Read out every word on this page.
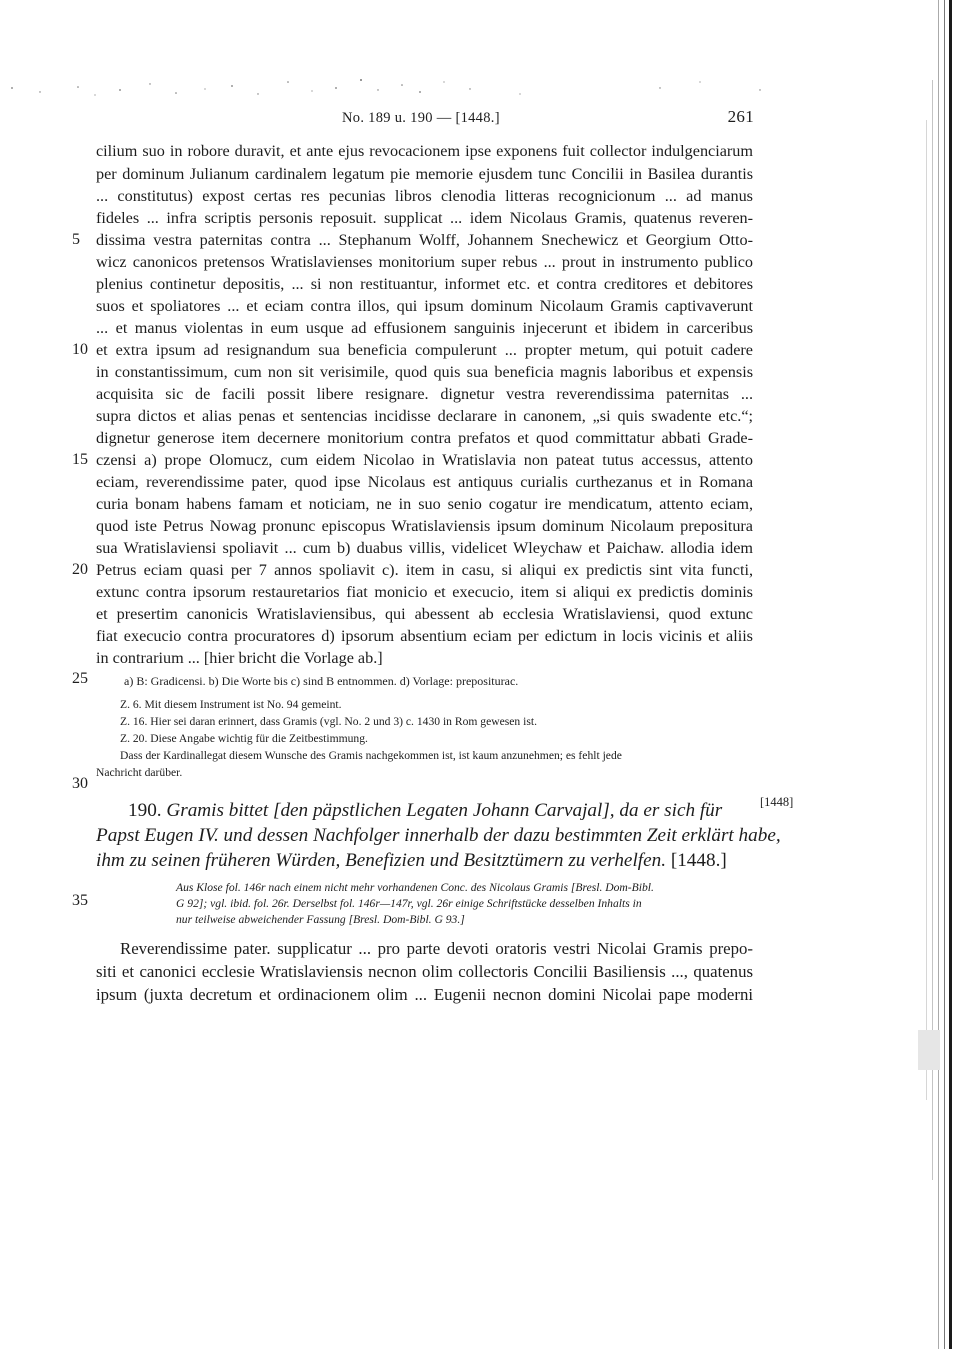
No. 189 u. 190 — [1448.]	261
cilium suo in robore duravit, et ante ejus revocacionem ipse exponens fuit collector indulgenciarum
per dominum Julianum cardinalem legatum pie memorie ejusdem tunc Concilii in Basilea durantis
... constitutus) expost certas res pecunias libros clenodia litteras recognicionum ... ad manus
fideles ... infra scriptis personis reposuit. supplicat ... idem Nicolaus Gramis, quatenus reveren-
dissima vestra paternitas contra ... Stephanum Wolff, Johannem Snechewicz et Georgium Otto-
wicz canonicos pretensos Wratislavienses monitorium super rebus ... prout in instrumento publico
plenius continetur depositis, ... si non restituantur, informet etc. et contra creditores et debitores
suos et spoliatores ... et eciam contra illos, qui ipsum dominum Nicolaum Gramis captivaverunt
... et manus violentas in eum usque ad effusionem sanguinis injecerunt et ibidem in carceribus
et extra ipsum ad resignandum sua beneficia compulerunt ... propter metum, qui potuit cadere
in constantissimum, cum non sit verisimile, quod quis sua beneficia magnis laboribus et expensis
acquisita sic de facili possit libere resignare. dignetur vestra reverendissima paternitas ...
supra dictos et alias penas et sentencias incidisse declarare in canonem, „si quis swadente etc.“;
dignetur generose item decernere monitorium contra prefatos et quod committatur abbati Grade-
czensi a) prope Olomucz, cum eidem Nicolao in Wratislavia non pateat tutus accessus, attento
eciam, reverendissime pater, quod ipse Nicolaus est antiquus curialis curthezanus et in Romana
curia bonam habens famam et noticiam, ne in suo senio cogatur ire mendicatum, attento eciam,
quod iste Petrus Nowag pronunc episcopus Wratislaviensis ipsum dominum Nicolaum prepositura
sua Wratislaviensi spoliavit ... cum b) duabus villis, videlicet Wleychaw et Paichaw. allodia idem
Petrus eciam quasi per 7 annos spoliavit c). item in casu, si aliqui ex predictis sint vita functi,
extunc contra ipsorum restauretarios fiat monicio et execucio, item si aliqui ex predictis dominis
et presertim canonicis Wratislaviensibus, qui abessent ab ecclesia Wratislaviensi, quod extunc
fiat execucio contra procuratores d) ipsorum absentium eciam per edictum in locis vicinis et aliis
in contrarium ... [hier bricht die Vorlage ab.]
5
10
15
20
25
30
35
a) B: Gradicensi. b) Die Worte bis c) sind B entnommen. d) Vorlage: prepositurас.
Z. 6. Mit diesem Instrument ist No. 94 gemeint.
Z. 16. Hier sei daran erinnert, dass Gramis (vgl. No. 2 und 3) c. 1430 in Rom gewesen ist.
Z. 20. Diese Angabe wichtig für die Zeitbestimmung.
Dass der Kardinallegat diesem Wunsche des Gramis nachgekommen ist, ist kaum anzunehmen; es fehlt jede
Nachricht darüber.
190. Gramis bittet [den päpstlichen Legaten Johann Carvajal], da er sich für
Papst Eugen IV. und dessen Nachfolger innerhalb der dazu bestimmten Zeit erklärt habe,
ihm zu seinen früheren Würden, Benefizien und Besitztümern zu verhelfen. [1448.]
[1448]
Aus Klose fol. 146r nach einem nicht mehr vorhandenen Conc. des Nicolaus Gramis [Bresl. Dom-Bibl.
G 92]; vgl. ibid. fol. 26r. Derselbst fol. 146r—147r, vgl. 26r einige Schriftstücke desselben Inhalts in
nur teilweise abweichender Fassung [Bresl. Dom-Bibl. G 93.]
Reverendissime pater. supplicatur ... pro parte devoti oratoris vestri Nicolai Gramis prepo-
siti et canonici ecclesie Wratislaviensis necnon olim collectoris Concilii Basiliensis ..., quatenus
ipsum (juxta decretum et ordinacionem olim ... Eugenii necnon domini Nicolai pape moderni
